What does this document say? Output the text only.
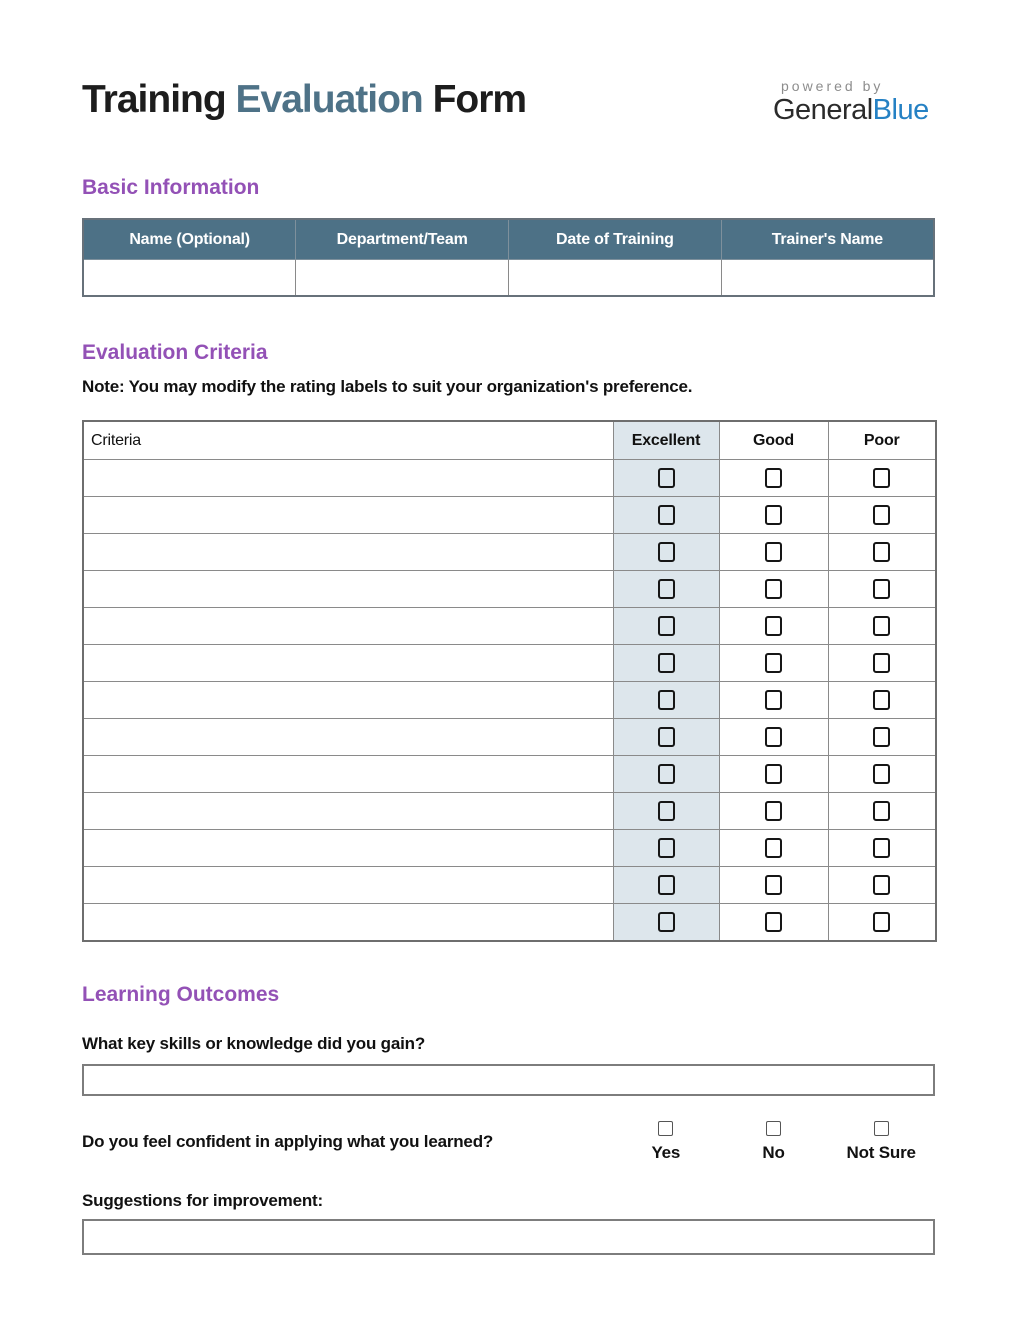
Training Evaluation Form	powered by
GeneralBlue
Basic Information
Name (Optional)	Department/Team	Date of Training	Trainer's Name

Evaluation Criteria

Note: You may modify the rating labels to suit your organization's preference.

Criteria	Excellent	Good	Poor

Learning Outcomes

What key skills or knowledge did you gain?

Do you feel confident in applying what you learned?

Yes	No	Not Sure

Suggestions for improvement:
